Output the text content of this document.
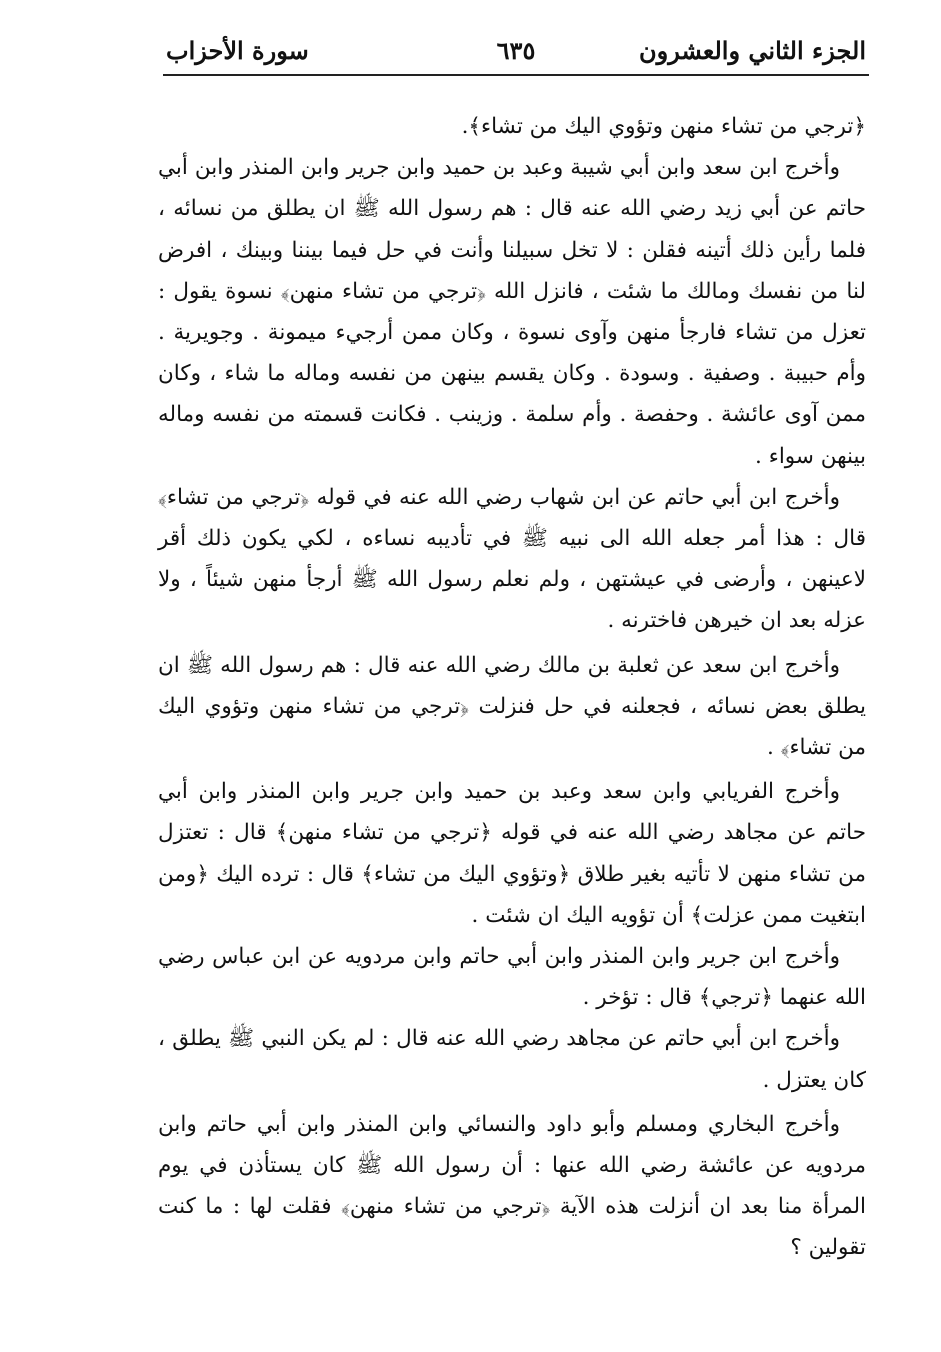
الجزء الثاني والعشرون
٦٣٥
سورة الأحزاب

﴿ترجي من تشاء منهن وتؤوي اليك من تشاء﴾.

وأخرج ابن سعد وابن أبي شيبة وعبد بن حميد وابن جرير وابن المنذر وابن أبي حاتم عن أبي زيد رضي الله عنه قال : هم رسول الله ﷺ ان يطلق من نسائه ، فلما رأين ذلك أتينه فقلن : لا تخل سبيلنا وأنت في حل فيما بيننا وبينك ، افرض لنا من نفسك ومالك ما شئت ، فانزل الله ﴿ترجي من تشاء منهن﴾ نسوة يقول : تعزل من تشاء فارجأ منهن وآوى نسوة ، وكان ممن أرجيء ميمونة . وجويرية . وأم حبيبة . وصفية . وسودة . وكان يقسم بينهن من نفسه وماله ما شاء ، وكان ممن آوى عائشة . وحفصة . وأم سلمة . وزينب . فكانت قسمته من نفسه وماله بينهن سواء .

وأخرج ابن أبي حاتم عن ابن شهاب رضي الله عنه في قوله ﴿ترجي من تشاء﴾ قال : هذا أمر جعله الله الى نبيه ﷺ في تأديبه نساءه ، لكي يكون ذلك أقر لاعينهن ، وأرضى في عيشتهن ، ولم نعلم رسول الله ﷺ أرجأ منهن شيئاً ، ولا عزله بعد ان خيرهن فاخترنه .

وأخرج ابن سعد عن ثعلبة بن مالك رضي الله عنه قال : هم رسول الله ﷺ ان يطلق بعض نسائه ، فجعلنه في حل فنزلت ﴿ترجي من تشاء منهن وتؤوي اليك من تشاء﴾ .

وأخرج الفريابي وابن سعد وعبد بن حميد وابن جرير وابن المنذر وابن أبي حاتم عن مجاهد رضي الله عنه في قوله ﴿ترجي من تشاء منهن﴾ قال : تعتزل من تشاء منهن لا تأتيه بغير طلاق ﴿وتؤوي اليك من تشاء﴾ قال : ترده اليك ﴿ومن ابتغيت ممن عزلت﴾ أن تؤويه اليك ان شئت .

وأخرج ابن جرير وابن المنذر وابن أبي حاتم وابن مردويه عن ابن عباس رضي الله عنهما ﴿ترجي﴾ قال : تؤخر .

وأخرج ابن أبي حاتم عن مجاهد رضي الله عنه قال : لم يكن النبي ﷺ يطلق ، كان يعتزل .

وأخرج البخاري ومسلم وأبو داود والنسائي وابن المنذر وابن أبي حاتم وابن مردويه عن عائشة رضي الله عنها : أن رسول الله ﷺ كان يستأذن في يوم المرأة منا بعد ان أنزلت هذه الآية ﴿ترجي من تشاء منهن﴾ فقلت لها : ما كنت تقولين ؟
